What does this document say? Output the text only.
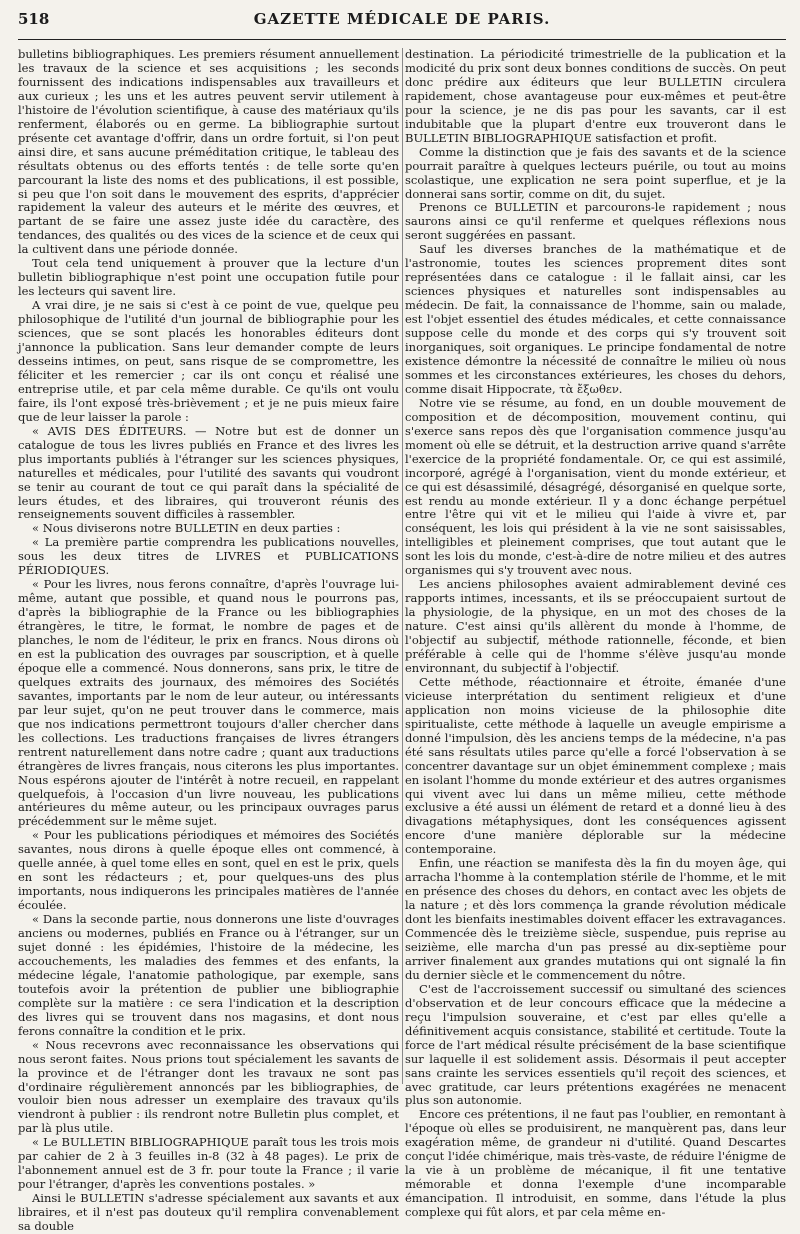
518	GAZETTE MÉDICALE DE PARIS.

bulletins bibliographiques. Les premiers résument annuellement les travaux de la science et ses acquisitions ; les seconds fournissent des indications indispensables aux travailleurs et aux curieux ; les uns et les autres peuvent servir utilement à l'histoire de l'évolution scientifique, à cause des matériaux qu'ils renferment, élaborés ou en germe. La bibliographie surtout présente cet avantage d'offrir, dans un ordre fortuit, si l'on peut ainsi dire, et sans aucune préméditation critique, le tableau des résultats obtenus ou des efforts tentés : de telle sorte qu'en parcourant la liste des noms et des publications, il est possible, si peu que l'on soit dans le mouvement des esprits, d'apprécier rapidement la valeur des auteurs et le mérite des œuvres, et partant de se faire une assez juste idée du caractère, des tendances, des qualités ou des vices de la science et de ceux qui la cultivent dans une période donnée.

Tout cela tend uniquement à prouver que la lecture d'un bulletin bibliographique n'est point une occupation futile pour les lecteurs qui savent lire.

A vrai dire, je ne sais si c'est à ce point de vue, quelque peu philosophique de l'utilité d'un journal de bibliographie pour les sciences, que se sont placés les honorables éditeurs dont j'annonce la publication. Sans leur demander compte de leurs desseins intimes, on peut, sans risque de se compromettre, les féliciter et les remercier ; car ils ont conçu et réalisé une entreprise utile, et par cela même durable. Ce qu'ils ont voulu faire, ils l'ont exposé très-brièvement ; et je ne puis mieux faire que de leur laisser la parole :

« AVIS DES ÉDITEURS. — Notre but est de donner un catalogue de tous les livres publiés en France et des livres les plus importants publiés à l'étranger sur les sciences physiques, naturelles et médicales, pour l'utilité des savants qui voudront se tenir au courant de tout ce qui paraît dans la spécialité de leurs études, et des libraires, qui trouveront réunis des renseignements souvent difficiles à rassembler.

« Nous diviserons notre BULLETIN en deux parties :

« La première partie comprendra les publications nouvelles, sous les deux titres de LIVRES et PUBLICATIONS PÉRIODIQUES.

« Pour les livres, nous ferons connaître, d'après l'ouvrage lui-même, autant que possible, et quand nous le pourrons pas, d'après la bibliographie de la France ou les bibliographies étrangères, le titre, le format, le nombre de pages et de planches, le nom de l'éditeur, le prix en francs. Nous dirons où en est la publication des ouvrages par souscription, et à quelle époque elle a commencé. Nous donnerons, sans prix, le titre de quelques extraits des journaux, des mémoires des Sociétés savantes, importants par le nom de leur auteur, ou intéressants par leur sujet, qu'on ne peut trouver dans le commerce, mais que nos indications permettront toujours d'aller chercher dans les collections. Les traductions françaises de livres étrangers rentrent naturellement dans notre cadre ; quant aux traductions étrangères de livres français, nous citerons les plus importantes. Nous espérons ajouter de l'intérêt à notre recueil, en rappelant quelquefois, à l'occasion d'un livre nouveau, les publications antérieures du même auteur, ou les principaux ouvrages parus précédemment sur le même sujet.

« Pour les publications périodiques et mémoires des Sociétés savantes, nous dirons à quelle époque elles ont commencé, à quelle année, à quel tome elles en sont, quel en est le prix, quels en sont les rédacteurs ; et, pour quelques-uns des plus importants, nous indiquerons les principales matières de l'année écoulée.

« Dans la seconde partie, nous donnerons une liste d'ouvrages anciens ou modernes, publiés en France ou à l'étranger, sur un sujet donné : les épidémies, l'histoire de la médecine, les accouchements, les maladies des femmes et des enfants, la médecine légale, l'anatomie pathologique, par exemple, sans toutefois avoir la prétention de publier une bibliographie complète sur la matière : ce sera l'indication et la description des livres qui se trouvent dans nos magasins, et dont nous ferons connaître la condition et le prix.

« Nous recevrons avec reconnaissance les observations qui nous seront faites. Nous prions tout spécialement les savants de la province et de l'étranger dont les travaux ne sont pas d'ordinaire régulièrement annoncés par les bibliographies, de vouloir bien nous adresser un exemplaire des travaux qu'ils viendront à publier : ils rendront notre Bulletin plus complet, et par là plus utile.

« Le BULLETIN BIBLIOGRAPHIQUE paraît tous les trois mois par cahier de 2 à 3 feuilles in-8 (32 à 48 pages). Le prix de l'abonnement annuel est de 3 fr. pour toute la France ; il varie pour l'étranger, d'après les conventions postales. »

Ainsi le BULLETIN s'adresse spécialement aux savants et aux libraires, et il n'est pas douteux qu'il remplira convenablement sa double

destination. La périodicité trimestrielle de la publication et la modicité du prix sont deux bonnes conditions de succès. On peut donc prédire aux éditeurs que leur BULLETIN circulera rapidement, chose avantageuse pour eux-mêmes et peut-être pour la science, je ne dis pas pour les savants, car il est indubitable que la plupart d'entre eux trouveront dans le BULLETIN BIBLIOGRAPHIQUE satisfaction et profit.

Comme la distinction que je fais des savants et de la science pourrait paraître à quelques lecteurs puérile, ou tout au moins scolastique, une explication ne sera point superflue, et je la donnerai sans sortir, comme on dit, du sujet.

Prenons ce BULLETIN et parcourons-le rapidement ; nous saurons ainsi ce qu'il renferme et quelques réflexions nous seront suggérées en passant.

Sauf les diverses branches de la mathématique et de l'astronomie, toutes les sciences proprement dites sont représentées dans ce catalogue : il le fallait ainsi, car les sciences physiques et naturelles sont indispensables au médecin. De fait, la connaissance de l'homme, sain ou malade, est l'objet essentiel des études médicales, et cette connaissance suppose celle du monde et des corps qui s'y trouvent soit inorganiques, soit organiques. Le principe fondamental de notre existence démontre la nécessité de connaître le milieu où nous sommes et les circonstances extérieures, les choses du dehors, comme disait Hippocrate, τὰ ἔξωθεν.

Notre vie se résume, au fond, en un double mouvement de composition et de décomposition, mouvement continu, qui s'exerce sans repos dès que l'organisation commence jusqu'au moment où elle se détruit, et la destruction arrive quand s'arrête l'exercice de la propriété fondamentale. Or, ce qui est assimilé, incorporé, agrégé à l'organisation, vient du monde extérieur, et ce qui est désassimilé, désagrégé, désorganisé en quelque sorte, est rendu au monde extérieur. Il y a donc échange perpétuel entre l'être qui vit et le milieu qui l'aide à vivre et, par conséquent, les lois qui président à la vie ne sont saisissables, intelligibles et pleinement comprises, que tout autant que le sont les lois du monde, c'est-à-dire de notre milieu et des autres organismes qui s'y trouvent avec nous.

Les anciens philosophes avaient admirablement deviné ces rapports intimes, incessants, et ils se préoccupaient surtout de la physiologie, de la physique, en un mot des choses de la nature. C'est ainsi qu'ils allèrent du monde à l'homme, de l'objectif au subjectif, méthode rationnelle, féconde, et bien préférable à celle qui de l'homme s'élève jusqu'au monde environnant, du subjectif à l'objectif.

Cette méthode, réactionnaire et étroite, émanée d'une vicieuse interprétation du sentiment religieux et d'une application non moins vicieuse de la philosophie dite spiritualiste, cette méthode à laquelle un aveugle empirisme a donné l'impulsion, dès les anciens temps de la médecine, n'a pas été sans résultats utiles parce qu'elle a forcé l'observation à se concentrer davantage sur un objet éminemment complexe ; mais en isolant l'homme du monde extérieur et des autres organismes qui vivent avec lui dans un même milieu, cette méthode exclusive a été aussi un élément de retard et a donné lieu à des divagations métaphysiques, dont les conséquences agissent encore d'une manière déplorable sur la médecine contemporaine.

Enfin, une réaction se manifesta dès la fin du moyen âge, qui arracha l'homme à la contemplation stérile de l'homme, et le mit en présence des choses du dehors, en contact avec les objets de la nature ; et dès lors commença la grande révolution médicale dont les bienfaits inestimables doivent effacer les extravagances. Commencée dès le treizième siècle, suspendue, puis reprise au seizième, elle marcha d'un pas pressé au dix-septième pour arriver finalement aux grandes mutations qui ont signalé la fin du dernier siècle et le commencement du nôtre.

C'est de l'accroissement successif ou simultané des sciences d'observation et de leur concours efficace que la médecine a reçu l'impulsion souveraine, et c'est par elles qu'elle a définitivement acquis consistance, stabilité et certitude. Toute la force de l'art médical résulte précisément de la base scientifique sur laquelle il est solidement assis. Désormais il peut accepter sans crainte les services essentiels qu'il reçoit des sciences, et avec gratitude, car leurs prétentions exagérées ne menacent plus son autonomie.

Encore ces prétentions, il ne faut pas l'oublier, en remontant à l'époque où elles se produisirent, ne manquèrent pas, dans leur exagération même, de grandeur ni d'utilité. Quand Descartes conçut l'idée chimérique, mais très-vaste, de réduire l'énigme de la vie à un problème de mécanique, il fit une tentative mémorable et donna l'exemple d'une incomparable émancipation. Il introduisit, en somme, dans l'étude la plus complexe qui fût alors, et par cela même en-
